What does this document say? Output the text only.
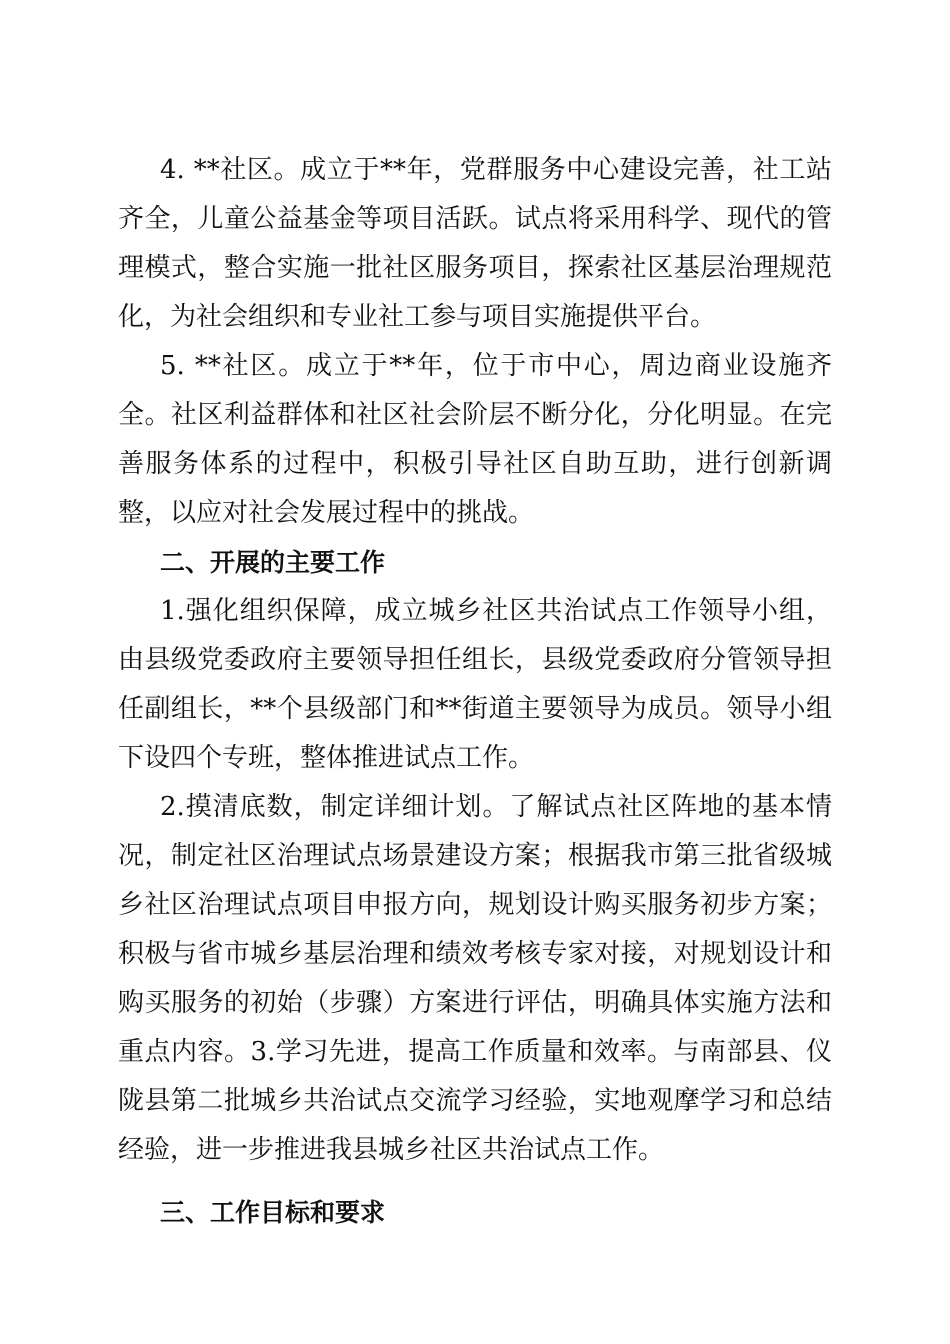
4. **社区。成立于**年，党群服务中心建设完善，社工站齐全，儿童公益基金等项目活跃。试点将采用科学、现代的管理模式，整合实施一批社区服务项目，探索社区基层治理规范化，为社会组织和专业社工参与项目实施提供平台。

5. **社区。成立于**年，位于市中心，周边商业设施齐全。社区利益群体和社区社会阶层不断分化，分化明显。在完善服务体系的过程中，积极引导社区自助互助，进行创新调整，以应对社会发展过程中的挑战。

二、开展的主要工作

1.强化组织保障，成立城乡社区共治试点工作领导小组，由县级党委政府主要领导担任组长，县级党委政府分管领导担任副组长，**个县级部门和**街道主要领导为成员。领导小组下设四个专班，整体推进试点工作。

2.摸清底数，制定详细计划。了解试点社区阵地的基本情况，制定社区治理试点场景建设方案；根据我市第三批省级城乡社区治理试点项目申报方向，规划设计购买服务初步方案；积极与省市城乡基层治理和绩效考核专家对接，对规划设计和购买服务的初始（步骤）方案进行评估，明确具体实施方法和重点内容。3.学习先进，提高工作质量和效率。与南部县、仪陇县第二批城乡共治试点交流学习经验，实地观摩学习和总结经验，进一步推进我县城乡社区共治试点工作。

三、工作目标和要求
